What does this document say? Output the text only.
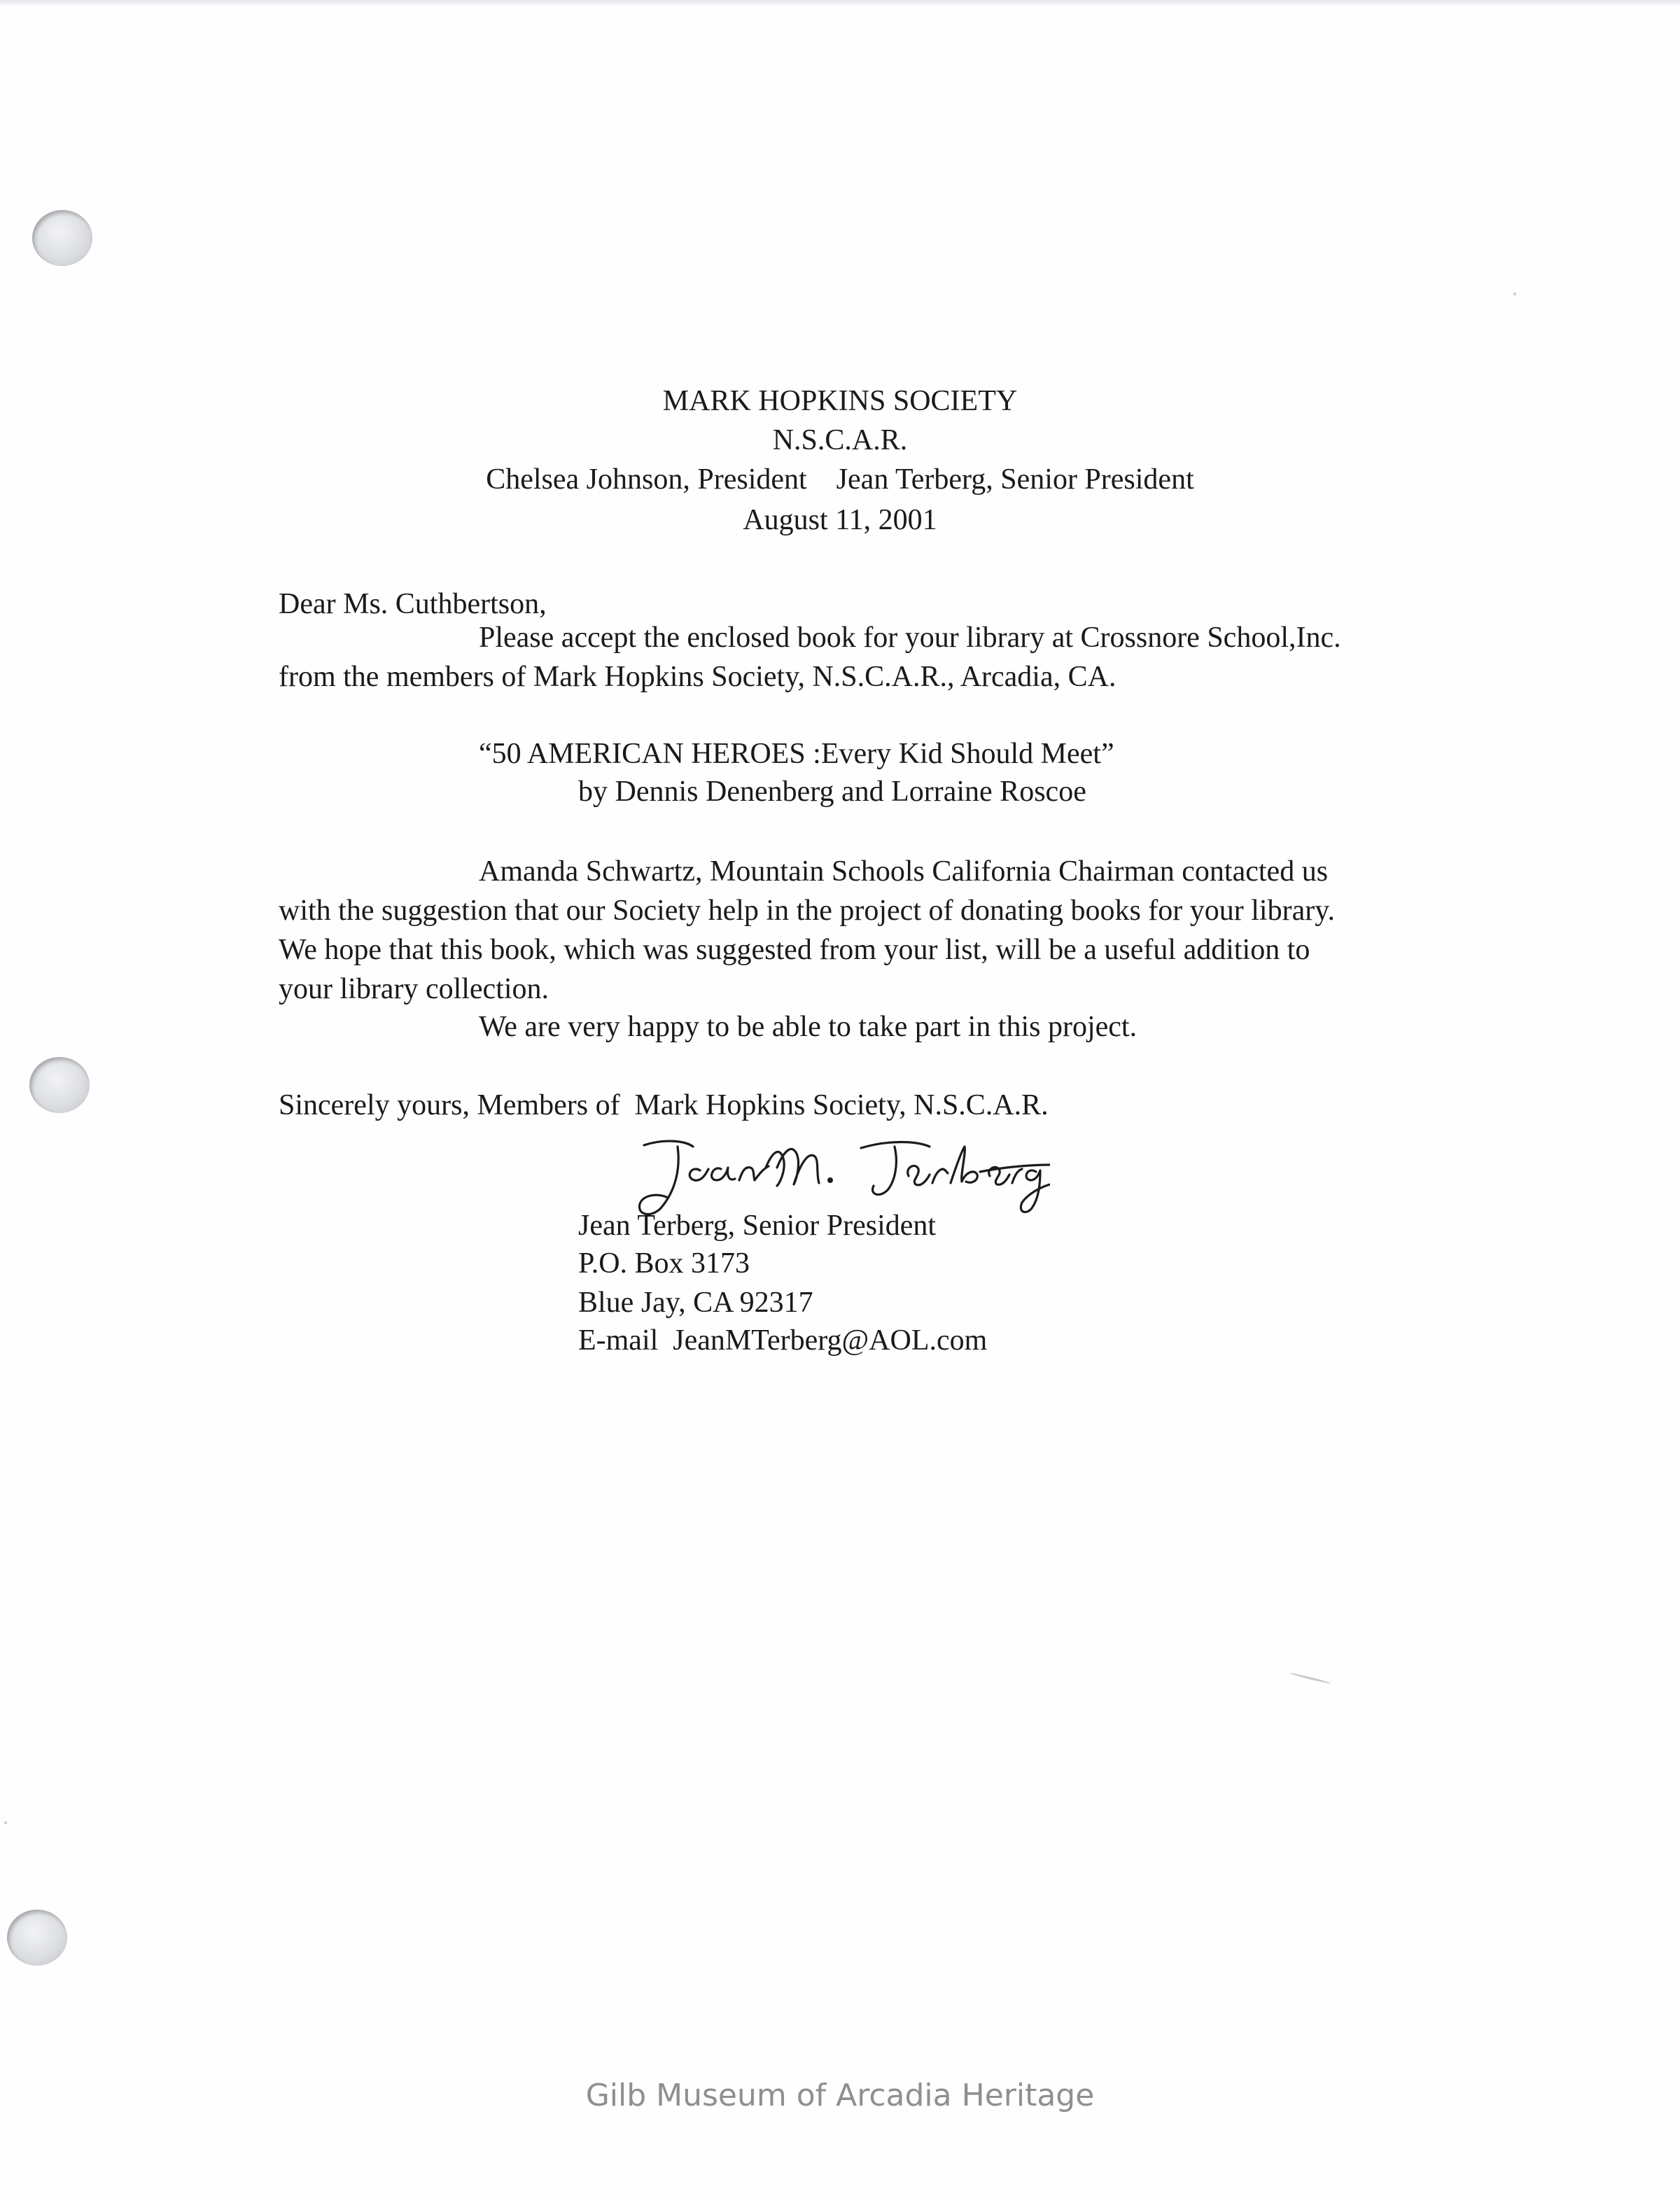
MARK HOPKINS SOCIETY
N.S.C.A.R.
Chelsea Johnson, President    Jean Terberg, Senior President
August 11, 2001
Dear Ms. Cuthbertson,
Please accept the enclosed book for your library at Crossnore School,Inc.
from the members of Mark Hopkins Society, N.S.C.A.R., Arcadia, CA.
“50 AMERICAN HEROES :Every Kid Should Meet”
by Dennis Denenberg and Lorraine Roscoe
Amanda Schwartz, Mountain Schools California Chairman contacted us
with the suggestion that our Society help in the project of donating books for your library.
We hope that this book, which was suggested from your list, will be a useful addition to
your library collection.
We are very happy to be able to take part in this project.
Sincerely yours, Members of  Mark Hopkins Society, N.S.C.A.R.
Jean Terberg, Senior President
P.O. Box 3173
Blue Jay, CA 92317
E-mail  JeanMTerberg@AOL.com
Gilb Museum of Arcadia Heritage
